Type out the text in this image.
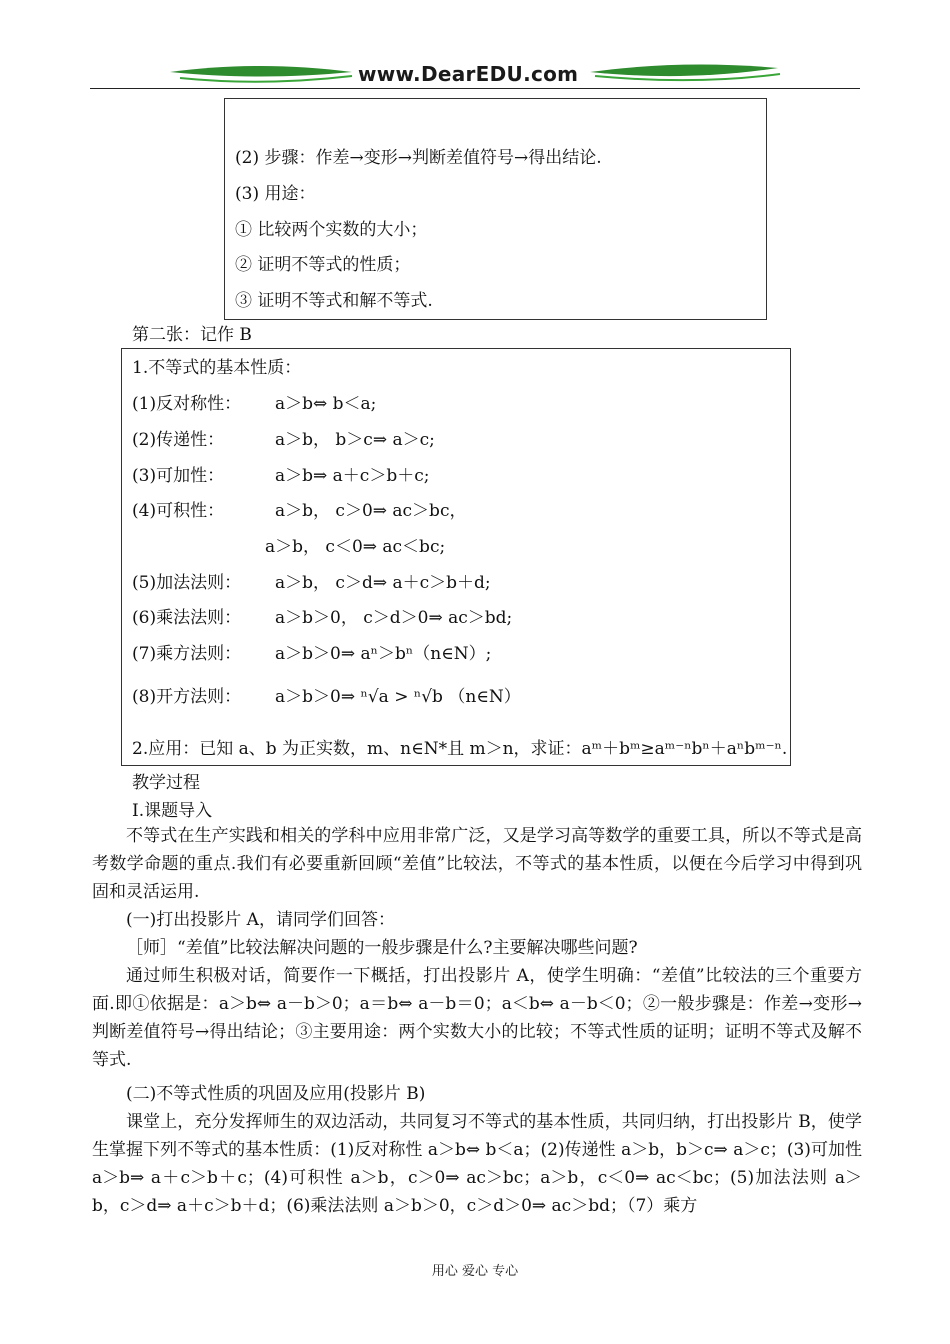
www.DearEDU.com
(2) 步骤：作差→变形→判断差值符号→得出结论.
(3) 用途：
① 比较两个实数的大小；
② 证明不等式的性质；
③ 证明不等式和解不等式.
第二张：记作 B
1.不等式的基本性质：
(1)反对称性： a＞b⇔ b＜a;
(2)传递性：	a＞b， b＞c⇒ a＞c;
(3)可加性：	a＞b⇒ a＋c＞b＋c;
(4)可积性：	a＞b， c＞0⇒ ac＞bc，
a＞b， c＜0⇒ ac＜bc;
(5)加法法则： a＞b， c＞d⇒ a＋c＞b＋d;
(6)乘法法则： a＞b＞0， c＞d＞0⇒ ac＞bd;
(7)乘方法则： a＞b＞0⇒ aⁿ＞bⁿ（n∈N）;
(8)开方法则： a＞b＞0⇒ ⁿ√a > ⁿ√b （n∈N）
2.应用：已知 a、b 为正实数，m、n∈N*且 m＞n，求证：aᵐ＋bᵐ≥aᵐ⁻ⁿbⁿ＋aⁿbᵐ⁻ⁿ.
教学过程
Ⅰ.课题导入
不等式在生产实践和相关的学科中应用非常广泛，又是学习高等数学的重要工具，所以不等式是高考数学命题的重点.我们有必要重新回顾“差值”比较法，不等式的基本性质，以便在今后学习中得到巩固和灵活运用.
(一)打出投影片 A，请同学们回答：
［师］“差值”比较法解决问题的一般步骤是什么?主要解决哪些问题?
通过师生积极对话，简要作一下概括，打出投影片 A，使学生明确：“差值”比较法的三个重要方面.即①依据是：a＞b⇔ a－b＞0；a＝b⇔ a－b＝0；a＜b⇔ a－b＜0；②一般步骤是：作差→变形→判断差值符号→得出结论；③主要用途：两个实数大小的比较；不等式性质的证明；证明不等式及解不等式.
(二)不等式性质的巩固及应用(投影片 B)
课堂上，充分发挥师生的双边活动，共同复习不等式的基本性质，共同归纳，打出投影片 B，使学生掌握下列不等式的基本性质：(1)反对称性 a＞b⇔ b＜a；(2)传递性 a＞b，b＞c⇒ a＞c；(3)可加性 a＞b⇒ a＋c＞b＋c；(4)可积性 a＞b，c＞0⇒ ac＞bc；a＞b，c＜0⇒ ac＜bc；(5)加法法则 a＞b，c＞d⇒ a＋c＞b＋d；(6)乘法法则 a＞b＞0，c＞d＞0⇒ ac＞bd；（7）乘方
用心 爱心 专心
